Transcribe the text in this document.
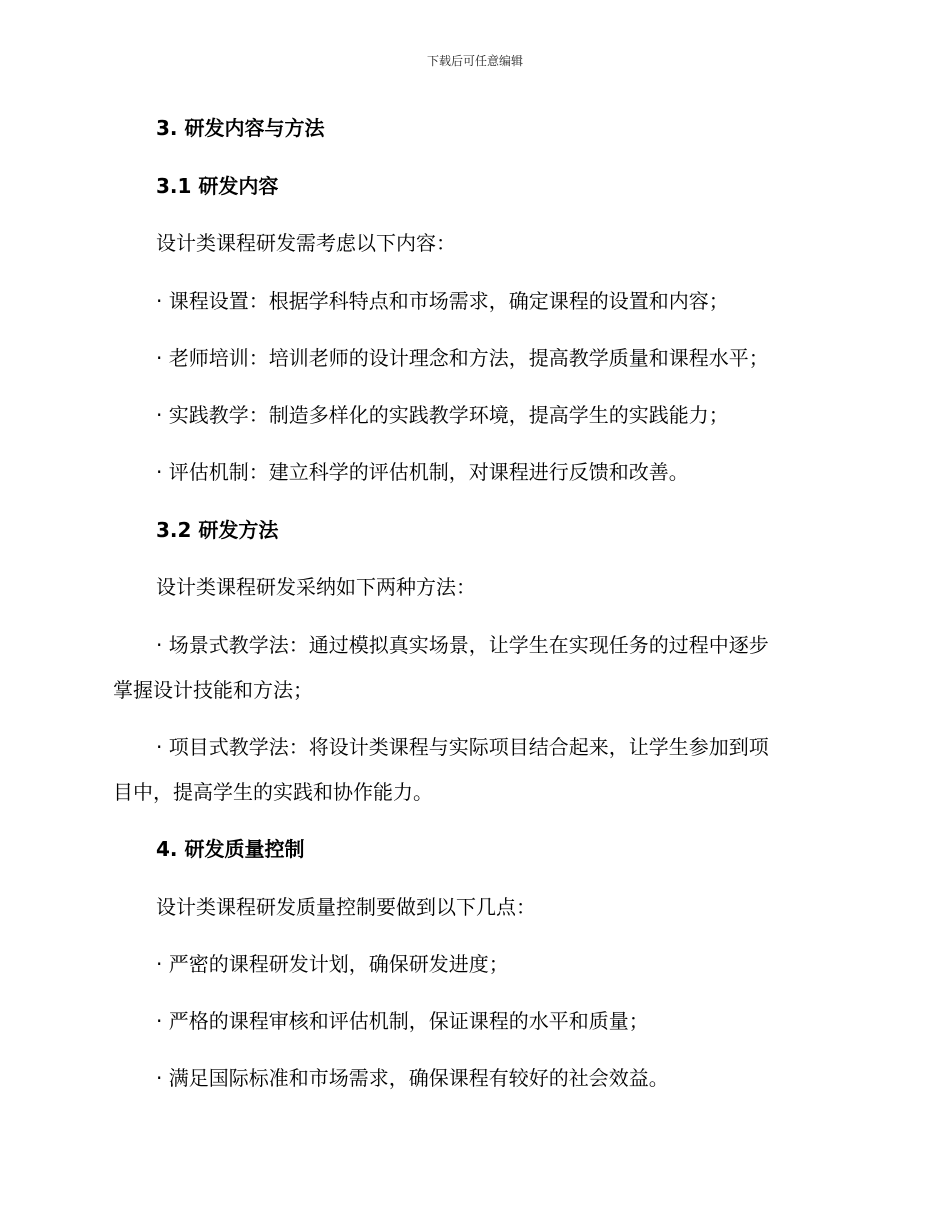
下载后可任意编辑
3. 研发内容与方法
3.1 研发内容
设计类课程研发需考虑以下内容：
· 课程设置：根据学科特点和市场需求，确定课程的设置和内容；
· 老师培训：培训老师的设计理念和方法，提高教学质量和课程水平；
· 实践教学：制造多样化的实践教学环境，提高学生的实践能力；
· 评估机制：建立科学的评估机制，对课程进行反馈和改善。
3.2 研发方法
设计类课程研发采纳如下两种方法：
· 场景式教学法：通过模拟真实场景，让学生在实现任务的过程中逐步
掌握设计技能和方法；
· 项目式教学法：将设计类课程与实际项目结合起来，让学生参加到项
目中，提高学生的实践和协作能力。
4. 研发质量控制
设计类课程研发质量控制要做到以下几点：
· 严密的课程研发计划，确保研发进度；
· 严格的课程审核和评估机制，保证课程的水平和质量；
· 满足国际标准和市场需求，确保课程有较好的社会效益。
